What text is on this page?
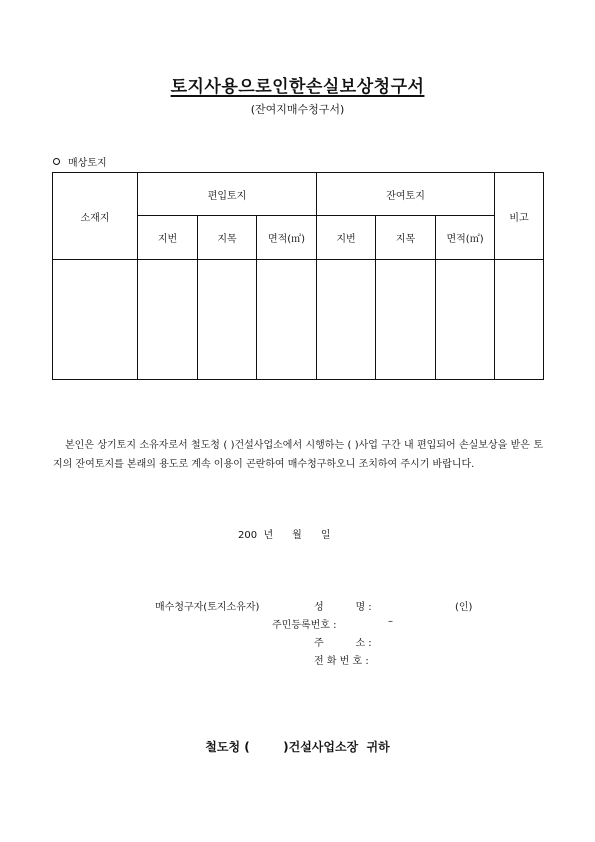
토지사용으로인한손실보상청구서
(잔여지매수청구서)
매상토지
소재지	편입토지			잔여토지			비고
	지번	지목	면적(㎡)	지번	지목	면적(㎡)	

본인은 상기토지 소유자로서 철도청 ( )건설사업소에서 시행하는 ( )사업 구간 내 편입되어 손실보상을 받은 토지의 잔여토지를 본래의 용도로 계속 이용이 곤란하여 매수청구하오니 조치하여 주시기 바랍니다.
200  년      월      일
매수청구자(토지소유자)	성          명 :	(인)
주민등록번호 :	–
주          소 :
전 화 번 호 :
철도청 (        )건설사업소장  귀하
